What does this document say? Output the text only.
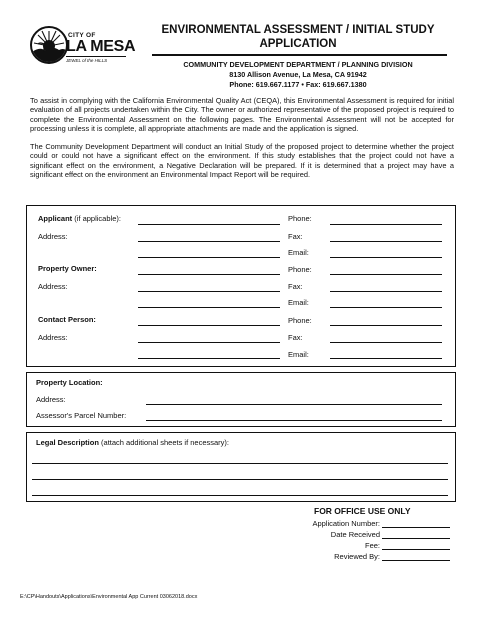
CITY OF
LA MESA
JEWEL of the HILLS
ENVIRONMENTAL ASSESSMENT / INITIAL STUDY
APPLICATION
COMMUNITY DEVELOPMENT DEPARTMENT / PLANNING DIVISION
8130 Allison Avenue, La Mesa, CA 91942
Phone: 619.667.1177 • Fax: 619.667.1380

To assist in complying with the California Environmental Quality Act (CEQA), this Environmental Assessment is required for initial evaluation of all projects undertaken within the City. The owner or authorized representative of the proposed project is required to complete the Environmental Assessment on the following pages. The Environmental Assessment will not be accepted for processing unless it is complete, all appropriate attachments are made and the application is signed.

The Community Development Department will conduct an Initial Study of the proposed project to determine whether the project could or could not have a significant effect on the environment. If this study establishes that the project could not have a significant effect on the environment, a Negative Declaration will be prepared. If it is determined that a project may have a significant effect on the environment an Environmental Impact Report will be required.

Applicant (if applicable):	Phone:
Address:	Fax:
Email:
Property Owner:	Phone:
Address:	Fax:
Email:
Contact Person:	Phone:
Address:	Fax:
Email:
Property Location:
Address:
Assessor's Parcel Number:
Legal Description (attach additional sheets if necessary):
FOR OFFICE USE ONLY
Application Number:
Date Received
Fee:
Reviewed By:
E:\CP\Handouts\Applications\Environmental App Current 03062018.docx
